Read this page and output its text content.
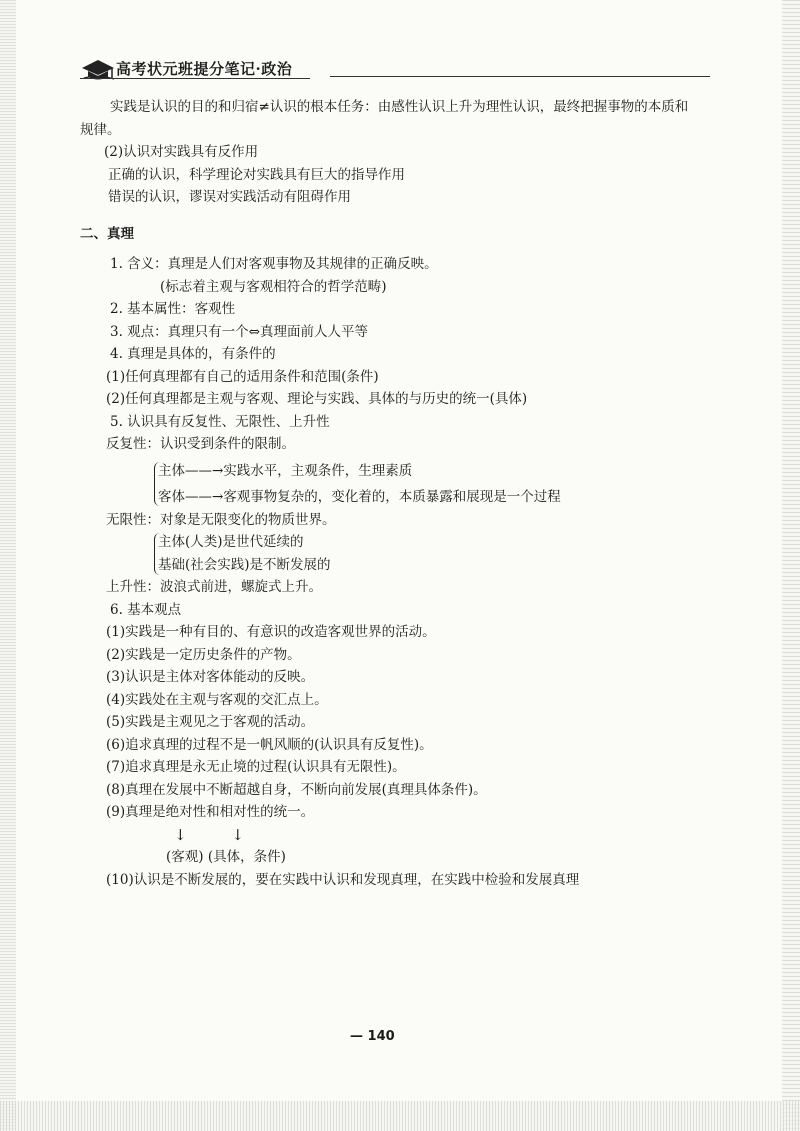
高考状元班提分笔记·政治
实践是认识的目的和归宿≠认识的根本任务：由感性认识上升为理性认识，最终把握事物的本质和
规律。
(2)认识对实践具有反作用
正确的认识，科学理论对实践具有巨大的指导作用
错误的认识，谬误对实践活动有阻碍作用
二、真理
1. 含义：真理是人们对客观事物及其规律的正确反映。
(标志着主观与客观相符合的哲学范畴)
2. 基本属性：客观性
3. 观点：真理只有一个⇔真理面前人人平等
4. 真理是具体的，有条件的
(1)任何真理都有自己的适用条件和范围(条件)
(2)任何真理都是主观与客观、理论与实践、具体的与历史的统一(具体)
5. 认识具有反复性、无限性、上升性
反复性：认识受到条件的限制。
主体——→实践水平，主观条件，生理素质
客体——→客观事物复杂的，变化着的，本质暴露和展现是一个过程
无限性：对象是无限变化的物质世界。
主体(人类)是世代延续的
基础(社会实践)是不断发展的
上升性：波浪式前进，螺旋式上升。
6. 基本观点
(1)实践是一种有目的、有意识的改造客观世界的活动。
(2)实践是一定历史条件的产物。
(3)认识是主体对客体能动的反映。
(4)实践处在主观与客观的交汇点上。
(5)实践是主观见之于客观的活动。
(6)追求真理的过程不是一帆风顺的(认识具有反复性)。
(7)追求真理是永无止境的过程(认识具有无限性)。
(8)真理在发展中不断超越自身，不断向前发展(真理具体条件)。
(9)真理是绝对性和相对性的统一。
↓ ↓
(客观) (具体，条件)
(10)认识是不断发展的，要在实践中认识和发现真理，在实践中检验和发展真理
— 140
